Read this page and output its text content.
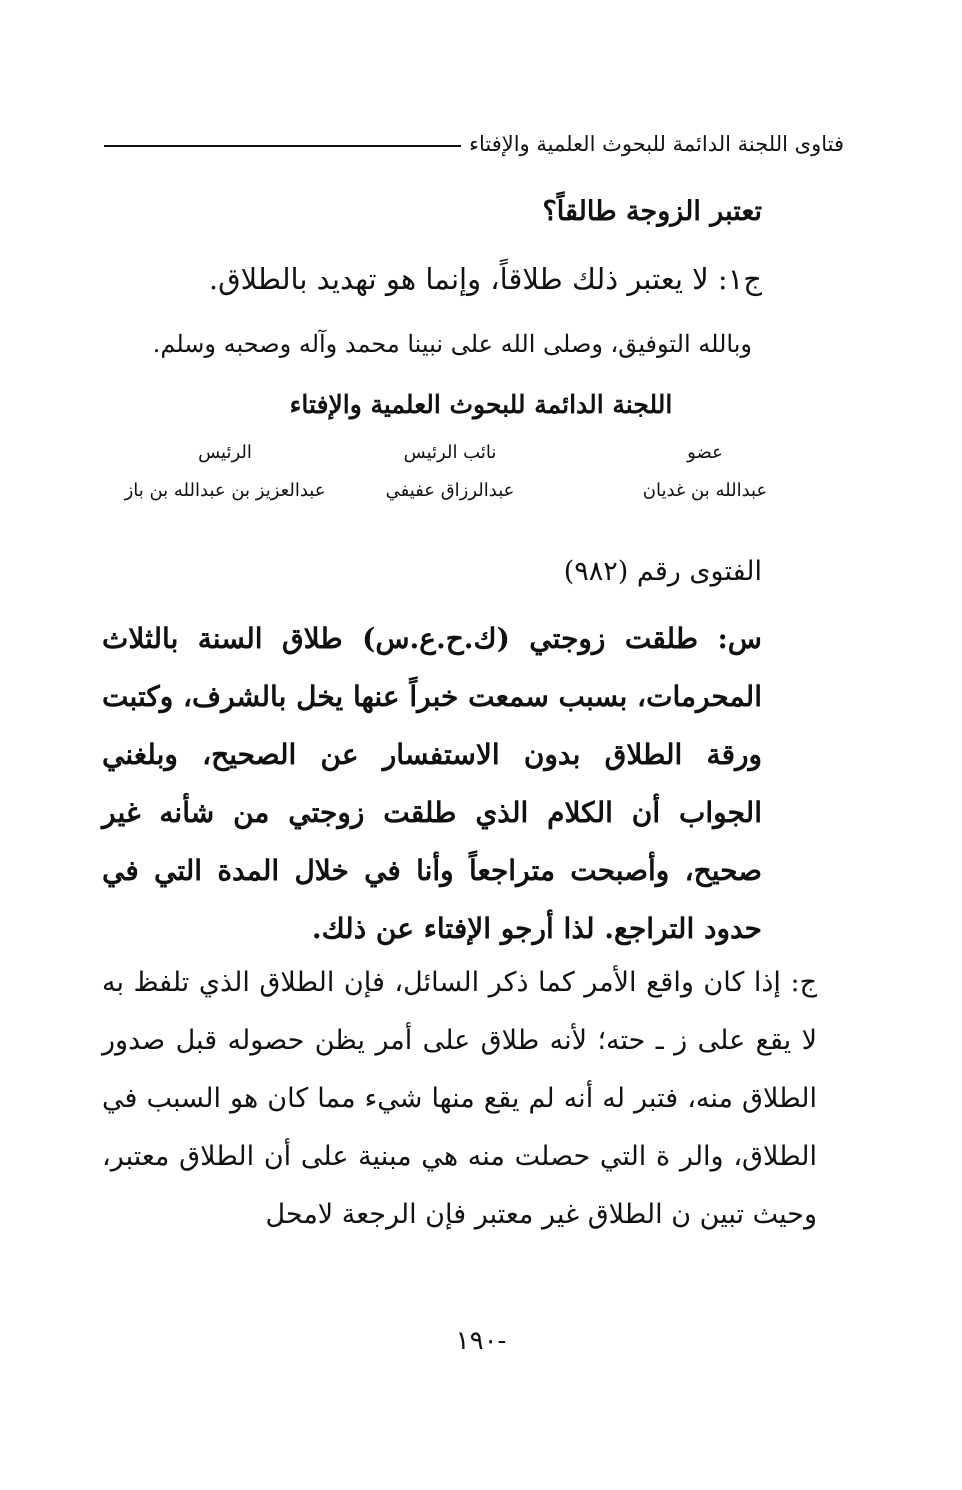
فتاوى اللجنة الدائمة للبحوث العلمية والإفتاء
تعتبر الزوجة طالقاً؟
ج١: لا يعتبر ذلك طلاقاً، وإنما هو تهديد بالطلاق.
وبالله التوفيق، وصلى الله على نبينا محمد وآله وصحبه وسلم.
اللجنة الدائمة للبحوث العلمية والإفتاء
عضو
عبدالله بن غديان
نائب الرئيس
عبدالرزاق عفيفي
الرئيس
عبدالعزيز بن عبدالله بن باز
الفتوى رقم (٩٨٢)
س: طلقت زوجتي (ك.ح.ع.س) طلاق السنة بالثلاث المحرمات، بسبب سمعت خبراً عنها يخل بالشرف، وكتبت ورقة الطلاق بدون الاستفسار عن الصحيح، وبلغني الجواب أن الكلام الذي طلقت زوجتي من شأنه غير صحيح، وأصبحت متراجعاً وأنا في خلال المدة التي في حدود التراجع. لذا أرجو الإفتاء عن ذلك.
ج: إذا كان واقع الأمر كما ذكر السائل، فإن الطلاق الذي تلفظ به لا يقع على ز ـ حته؛ لأنه طلاق على أمر يظن حصوله قبل صدور الطلاق منه، فتبر له أنه لم يقع منها شيء مما كان هو السبب في الطلاق، والر ة التي حصلت منه هي مبنية على أن الطلاق معتبر، وحيث تبين ن الطلاق غير معتبر فإن الرجعة لامحل
-١٩٠
